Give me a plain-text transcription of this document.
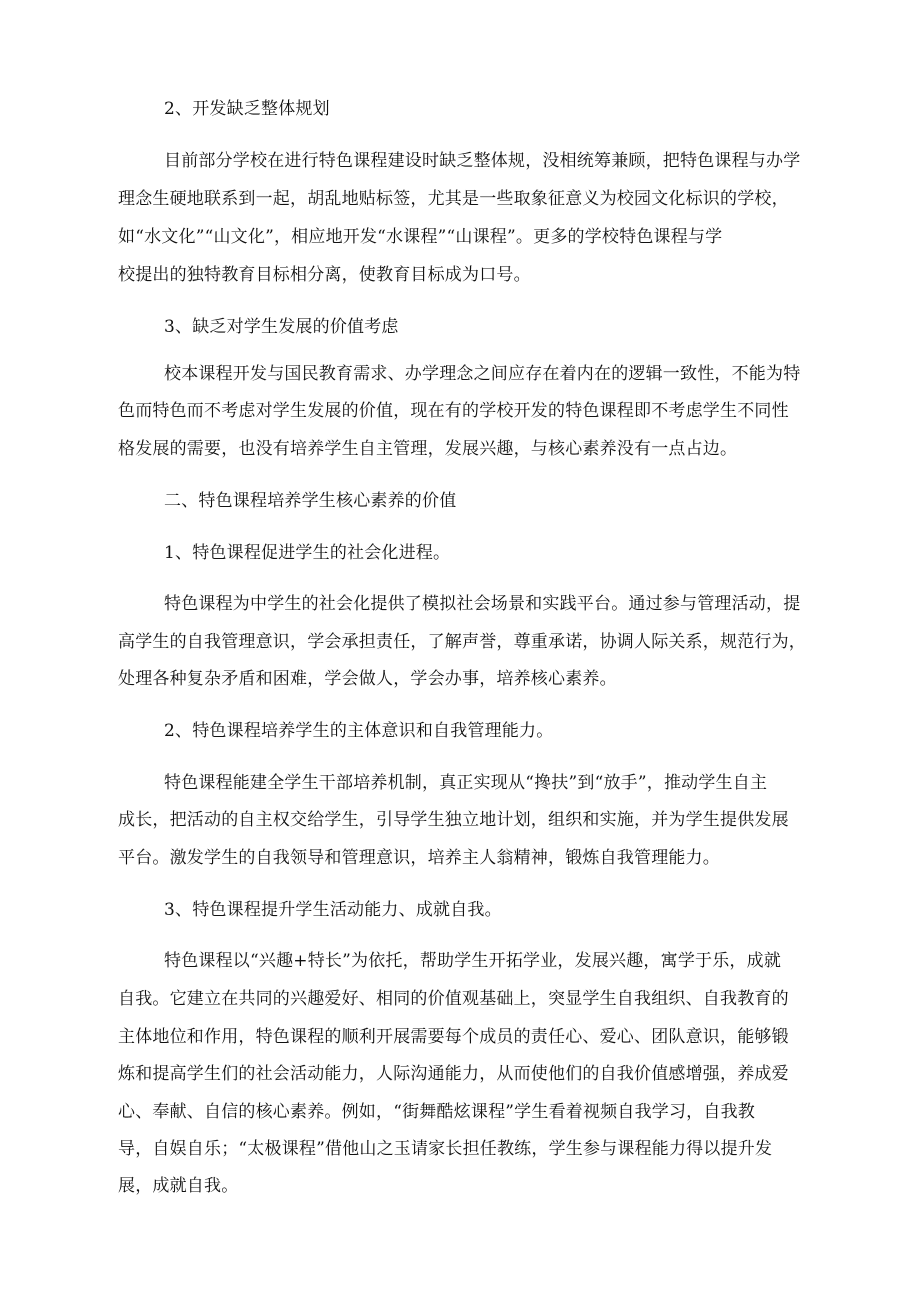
2、开发缺乏整体规划
目前部分学校在进行特色课程建设时缺乏整体规，没相统筹兼顾，把特色课程与办学
理念生硬地联系到一起，胡乱地贴标签，尤其是一些取象征意义为校园文化标识的学校，
如“水文化”“山文化”，相应地开发“水课程”“山课程”。更多的学校特色课程与学
校提出的独特教育目标相分离，使教育目标成为口号。
3、缺乏对学生发展的价值考虑
校本课程开发与国民教育需求、办学理念之间应存在着内在的逻辑一致性，不能为特
色而特色而不考虑对学生发展的价值，现在有的学校开发的特色课程即不考虑学生不同性
格发展的需要，也没有培养学生自主管理，发展兴趣，与核心素养没有一点占边。
二、特色课程培养学生核心素养的价值
1、特色课程促进学生的社会化进程。
特色课程为中学生的社会化提供了模拟社会场景和实践平台。通过参与管理活动，提
高学生的自我管理意识，学会承担责任，了解声誉，尊重承诺，协调人际关系，规范行为，
处理各种复杂矛盾和困难，学会做人，学会办事，培养核心素养。
2、特色课程培养学生的主体意识和自我管理能力。
特色课程能建全学生干部培养机制，真正实现从“搀扶”到“放手”，推动学生自主
成长，把活动的自主权交给学生，引导学生独立地计划，组织和实施，并为学生提供发展
平台。激发学生的自我领导和管理意识，培养主人翁精神，锻炼自我管理能力。
3、特色课程提升学生活动能力、成就自我。
特色课程以“兴趣+特长”为依托，帮助学生开拓学业，发展兴趣，寓学于乐，成就
自我。它建立在共同的兴趣爱好、相同的价值观基础上，突显学生自我组织、自我教育的
主体地位和作用，特色课程的顺利开展需要每个成员的责任心、爱心、团队意识，能够锻
炼和提高学生们的社会活动能力，人际沟通能力，从而使他们的自我价值感增强，养成爱
心、奉献、自信的核心素养。例如，“街舞酷炫课程”学生看着视频自我学习，自我教
导，自娱自乐；“太极课程”借他山之玉请家长担任教练，学生参与课程能力得以提升发
展，成就自我。
